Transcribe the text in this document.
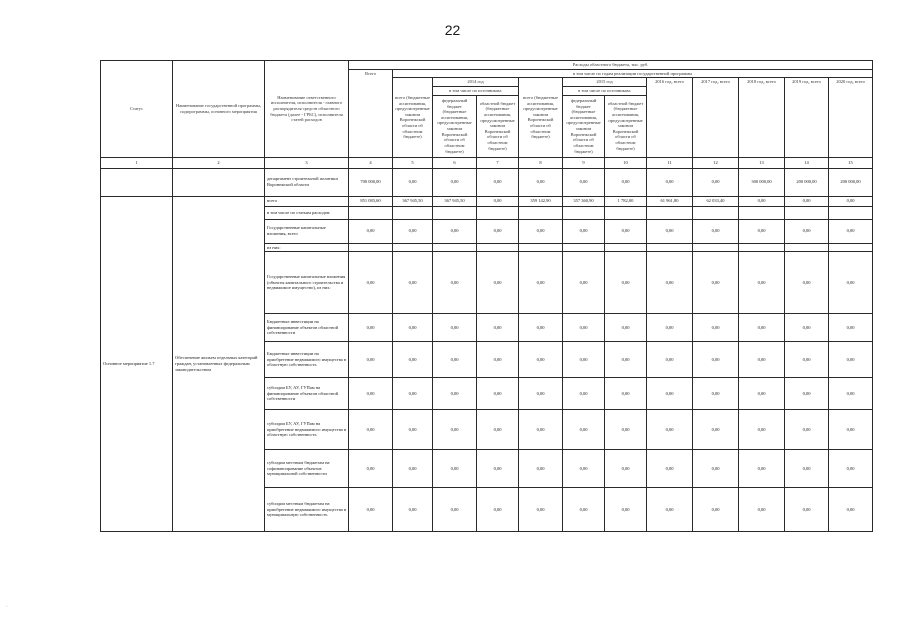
22
Статус	Наименование государственной программы, подпрограммы, основного мероприятия	Наименование ответственного исполнителя, исполнителя - главного распорядителя средств областного бюджета (далее - ГРБС), исполнителя статей расходов	Расходы областного бюджета, тыс. руб.											
			Всего	в том числе по годам реализации государственной программы										
				всего (бюджетные ассигнования, предусмотренные законом Воронежской области об областном бюджете)	2014 год		всего (бюджетные ассигнования, предусмотренные законом Воронежской области об областном бюджете)	2015 год		2016 год, всего	2017 год, всего	2018 год, всего	2019 год, всего	2020 год, всего
					в том числе по источникам:			в том числе по источникам:						
					федеральный бюджет (бюджетные ассигнования, предусмотренные законом Воронежской области об областном бюджете)	областной бюджет (бюджетные ассигнования, предусмотренные законом Воронежской области об областном бюджете)		федеральный бюджет (бюджетные ассигнования, предусмотренные законом Воронежской области об областном бюджете)	областной бюджет (бюджетные ассигнования, предусмотренные законом Воронежской области об областном бюджете)					
1	2	3	4	5	6	7	8	9	10	11	12	13	14	15
		департамент строительной политики Воронежской области	700 000,00	0,00	0,00	0,00	0,00	0,00	0,00	0,00	0,00	300 000,00	200 000,00	200 000,00
Основное мероприятие 1.7	Обеспечение жильем отдельных категорий граждан, установленных федеральным законодательством	всего	851 083,60	367 945,50	367 945,50	0,00	359 142,90	357 360,90	1 782,00	61 961,80	62 033,40	0,00	0,00	0,00
		в том числе по статьям расходов:												
		Государственные капитальные вложения, всего	0,00	0,00	0,00	0,00	0,00	0,00	0,00	0,00	0,00	0,00	0,00	0,00
		из них:												
		Государственные капитальные вложения (объекты капитального строительства и недвижимое имущество), из них:	0,00	0,00	0,00	0,00	0,00	0,00	0,00	0,00	0,00	0,00	0,00	0,00
		Бюджетные инвестиции на финансирование объектов областной собственности	0,00	0,00	0,00	0,00	0,00	0,00	0,00	0,00	0,00	0,00	0,00	0,00
		Бюджетные инвестиции на приобретение недвижимого имущества в областную собственность	0,00	0,00	0,00	0,00	0,00	0,00	0,00	0,00	0,00	0,00	0,00	0,00
		субсидии БУ, АУ, ГУПам на финансирование объектов областной собственности	0,00	0,00	0,00	0,00	0,00	0,00	0,00	0,00	0,00	0,00	0,00	0,00
		субсидии БУ, АУ, ГУПам на приобретение недвижимого имущества в областную собственность	0,00	0,00	0,00	0,00	0,00	0,00	0,00	0,00	0,00	0,00	0,00	0,00
		субсидии местным бюджетам на софинансирование объектов муниципальной собственности	0,00	0,00	0,00	0,00	0,00	0,00	0,00	0,00	0,00	0,00	0,00	0,00
		субсидии местным бюджетам на приобретение недвижимого имущества в муниципальную собственность	0,00	0,00	0,00	0,00	0,00	0,00	0,00	0,00	0,00	0,00	0,00	0,00
·
